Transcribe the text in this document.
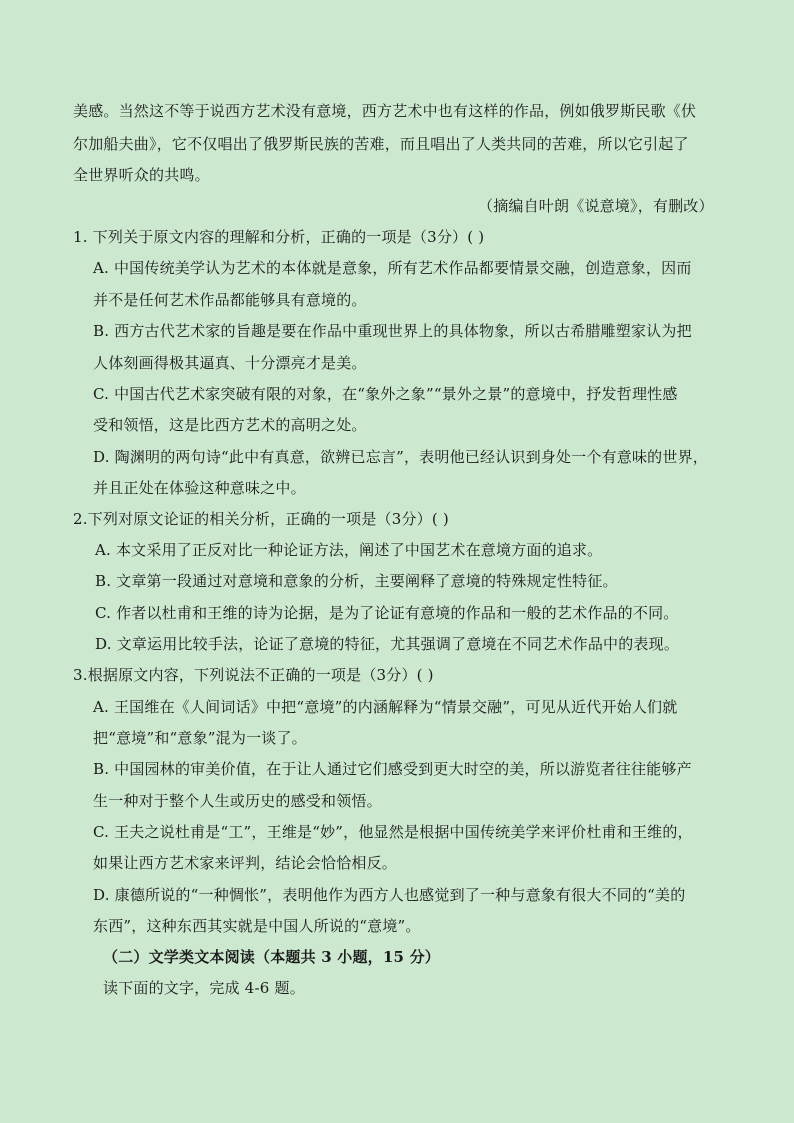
美感。当然这不等于说西方艺术没有意境，西方艺术中也有这样的作品，例如俄罗斯民歌《伏
尔加船夫曲》，它不仅唱出了俄罗斯民族的苦难，而且唱出了人类共同的苦难，所以它引起了
全世界听众的共鸣。
（摘编自叶朗《说意境》，有删改）
1. 下列关于原文内容的理解和分析，正确的一项是（3分）( )
A. 中国传统美学认为艺术的本体就是意象，所有艺术作品都要情景交融，创造意象，因而
并不是任何艺术作品都能够具有意境的。
B. 西方古代艺术家的旨趣是要在作品中重现世界上的具体物象，所以古希腊雕塑家认为把
人体刻画得极其逼真、十分漂亮才是美。
C. 中国古代艺术家突破有限的对象，在“象外之象”“景外之景”的意境中，抒发哲理性感
受和领悟，这是比西方艺术的高明之处。
D. 陶渊明的两句诗“此中有真意，欲辨已忘言”，表明他已经认识到身处一个有意味的世界，
并且正处在体验这种意味之中。
2.下列对原文论证的相关分析，正确的一项是（3分）( )
A. 本文采用了正反对比一种论证方法，阐述了中国艺术在意境方面的追求。
B. 文章第一段通过对意境和意象的分析，主要阐释了意境的特殊规定性特征。
C. 作者以杜甫和王维的诗为论据，是为了论证有意境的作品和一般的艺术作品的不同。
D. 文章运用比较手法，论证了意境的特征，尤其强调了意境在不同艺术作品中的表现。
3.根据原文内容，下列说法不正确的一项是（3分）( )
A. 王国维在《人间词话》中把“意境”的内涵解释为“情景交融”，可见从近代开始人们就
把“意境”和“意象”混为一谈了。
B. 中国园林的审美价值，在于让人通过它们感受到更大时空的美，所以游览者往往能够产
生一种对于整个人生或历史的感受和领悟。
C. 王夫之说杜甫是“工”，王维是“妙”，他显然是根据中国传统美学来评价杜甫和王维的，
如果让西方艺术家来评判，结论会恰恰相反。
D. 康德所说的“一种惆怅”，表明他作为西方人也感觉到了一种与意象有很大不同的“美的
东西”，这种东西其实就是中国人所说的“意境”。
（二）文学类文本阅读（本题共 3 小题，15 分）
读下面的文字，完成 4-6 题。
